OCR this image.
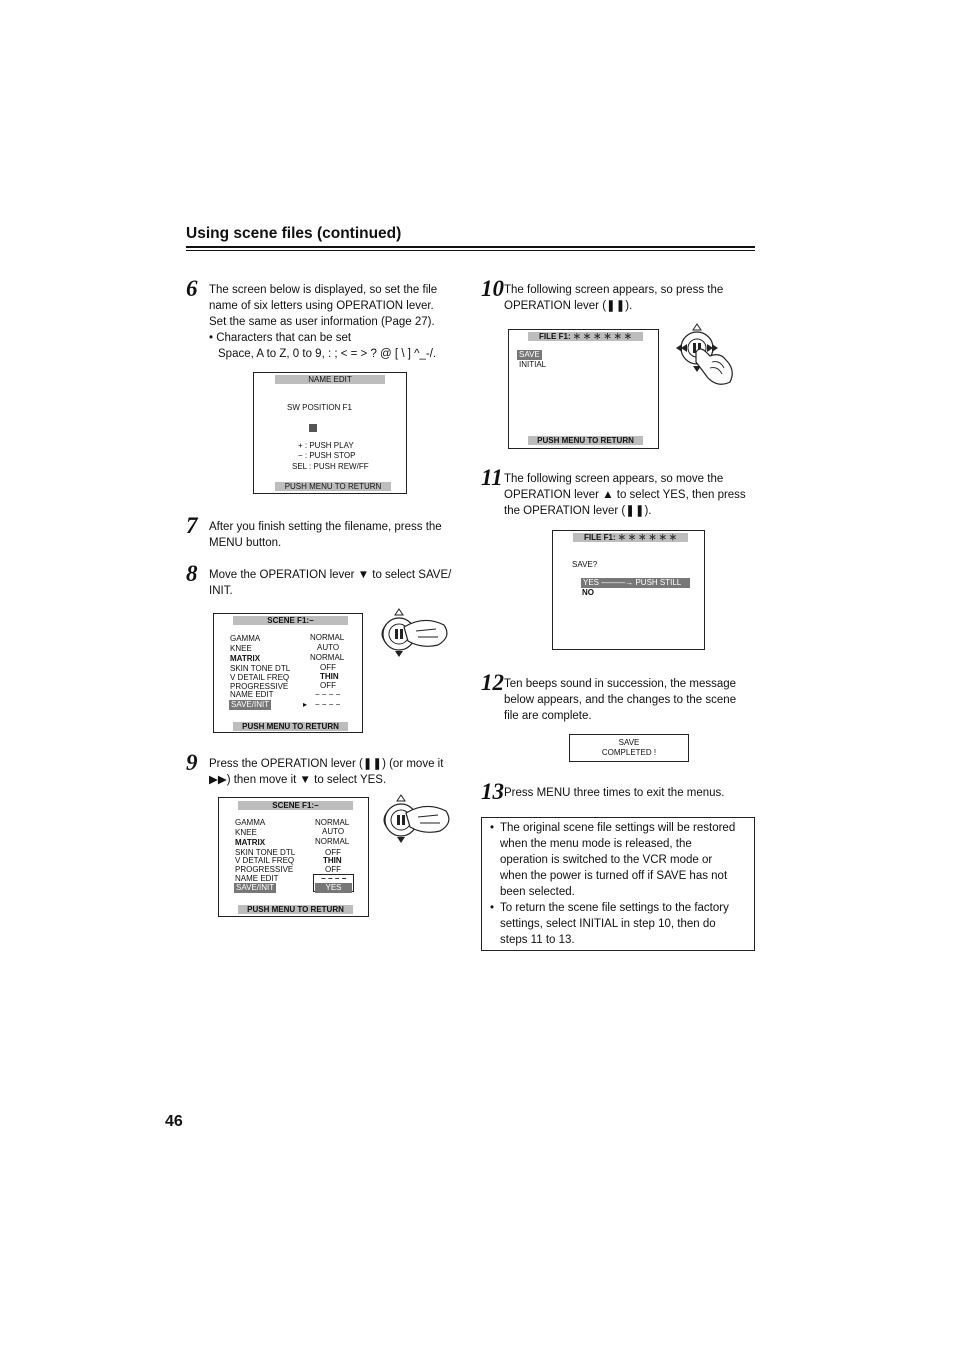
Using scene files (continued)
6 The screen below is displayed, so set the file

name of six letters using OPERATION lever.

Set the same as user information (Page 27).

• Characters that can be set

Space, A to Z, 0 to 9, : ; < = > ? @ [ \ ] ^_-/.

NAME EDIT
SW POSITION F1
+ : PUSH PLAY
− : PUSH STOP
SEL : PUSH REW/FF
PUSH MENU TO RETURN
7 After you finish setting the filename, press the

MENU button.

8 Move the OPERATION lever ▼ to select SAVE/

INIT.

SCENE F1:−
GAMMA
KNEE
MATRIX
SKIN TONE DTL
V DETAIL FREQ
PROGRESSIVE
NAME EDIT
SAVE/INIT
NORMAL
AUTO
NORMAL
OFF
THIN
OFF
− − − −
▸ − − − −
PUSH MENU TO RETURN
9 Press the OPERATION lever (❚❚) (or move it

▶▶) then move it ▼ to select YES.

SCENE F1:−
GAMMA
KNEE
MATRIX
SKIN TONE DTL
V DETAIL FREQ
PROGRESSIVE
NAME EDIT
SAVE/INIT
NORMAL
AUTO
NORMAL
OFF
THIN
OFF
− − − −
YES
PUSH MENU TO RETURN
10 The following screen appears, so press the

OPERATION lever (❚❚).

FILE F1: ＊ ＊ ＊ ＊ ＊ ＊
SAVE
INITIAL
PUSH MENU TO RETURN
11 The following screen appears, so move the

OPERATION lever ▲ to select YES, then press

the OPERATION lever (❚❚).

FILE F1: ＊ ＊ ＊ ＊ ＊ ＊
SAVE?
YES ———→ PUSH STILL
NO
12 Ten beeps sound in succession, the message

below appears, and the changes to the scene

file are complete.

SAVE
COMPLETED !
13 Press MENU three times to exit the menus.

• The original scene file settings will be restored
when the menu mode is released, the
operation is switched to the VCR mode or
when the power is turned off if SAVE has not
been selected.
• To return the scene file settings to the factory
settings, select INITIAL in step 10, then do
steps 11 to 13.
46
